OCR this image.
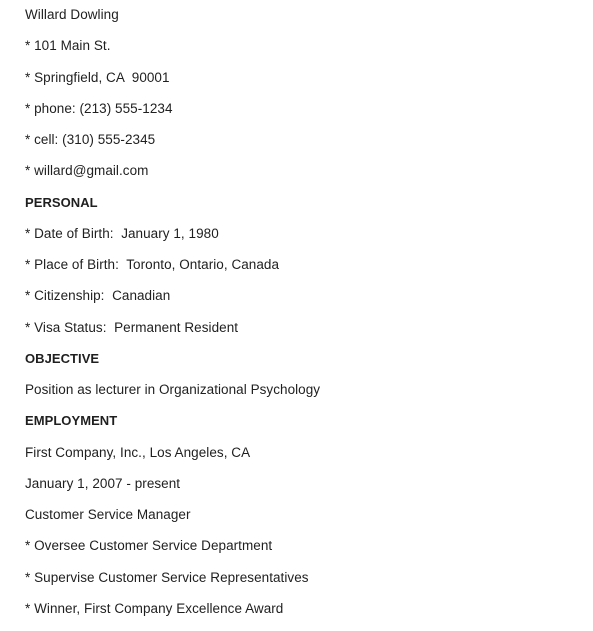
Willard Dowling
* 101 Main St.
* Springfield, CA  90001
* phone: (213) 555-1234
* cell: (310) 555-2345
* willard@gmail.com
PERSONAL
* Date of Birth:  January 1, 1980
* Place of Birth:  Toronto, Ontario, Canada
* Citizenship:  Canadian
* Visa Status:  Permanent Resident
OBJECTIVE
Position as lecturer in Organizational Psychology
EMPLOYMENT
First Company, Inc., Los Angeles, CA
January 1, 2007 - present
Customer Service Manager
* Oversee Customer Service Department
* Supervise Customer Service Representatives
* Winner, First Company Excellence Award
